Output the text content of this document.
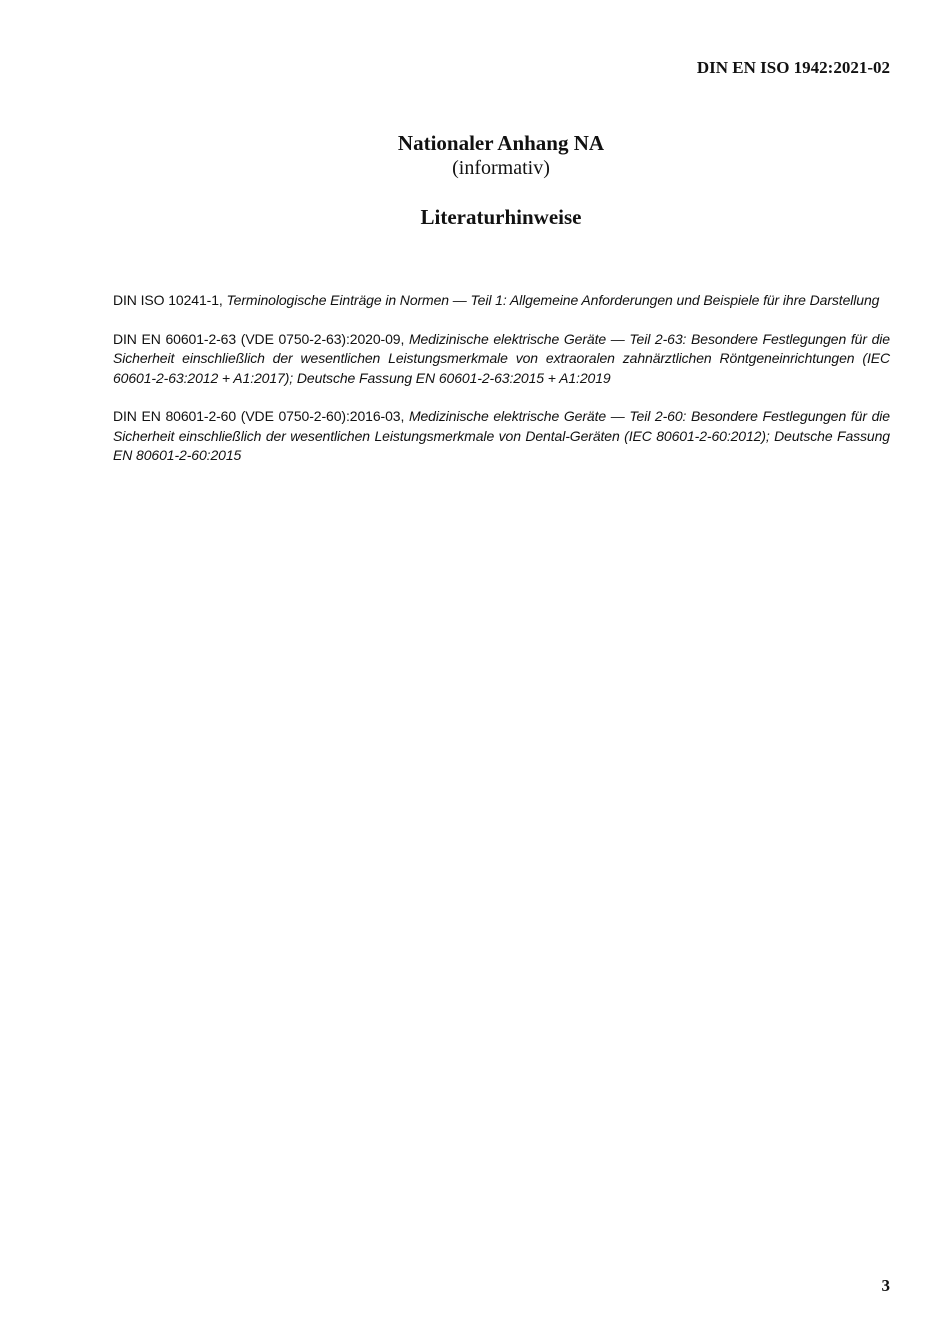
DIN EN ISO 1942:2021-02
Nationaler Anhang NA
(informativ)
Literaturhinweise

DIN ISO 10241-1, Terminologische Einträge in Normen — Teil 1: Allgemeine Anforderungen und Beispiele für ihre Darstellung

DIN EN 60601-2-63 (VDE 0750-2-63):2020-09, Medizinische elektrische Geräte — Teil 2-63: Besondere Festlegungen für die Sicherheit einschließlich der wesentlichen Leistungsmerkmale von extraoralen zahnärztlichen Röntgeneinrichtungen (IEC 60601-2-63:2012 + A1:2017); Deutsche Fassung EN 60601-2-63:2015 + A1:2019

DIN EN 80601-2-60 (VDE 0750-2-60):2016-03, Medizinische elektrische Geräte — Teil 2-60: Besondere Festlegungen für die Sicherheit einschließlich der wesentlichen Leistungsmerkmale von Dental-Geräten (IEC 80601-2-60:2012); Deutsche Fassung EN 80601-2-60:2015

3
